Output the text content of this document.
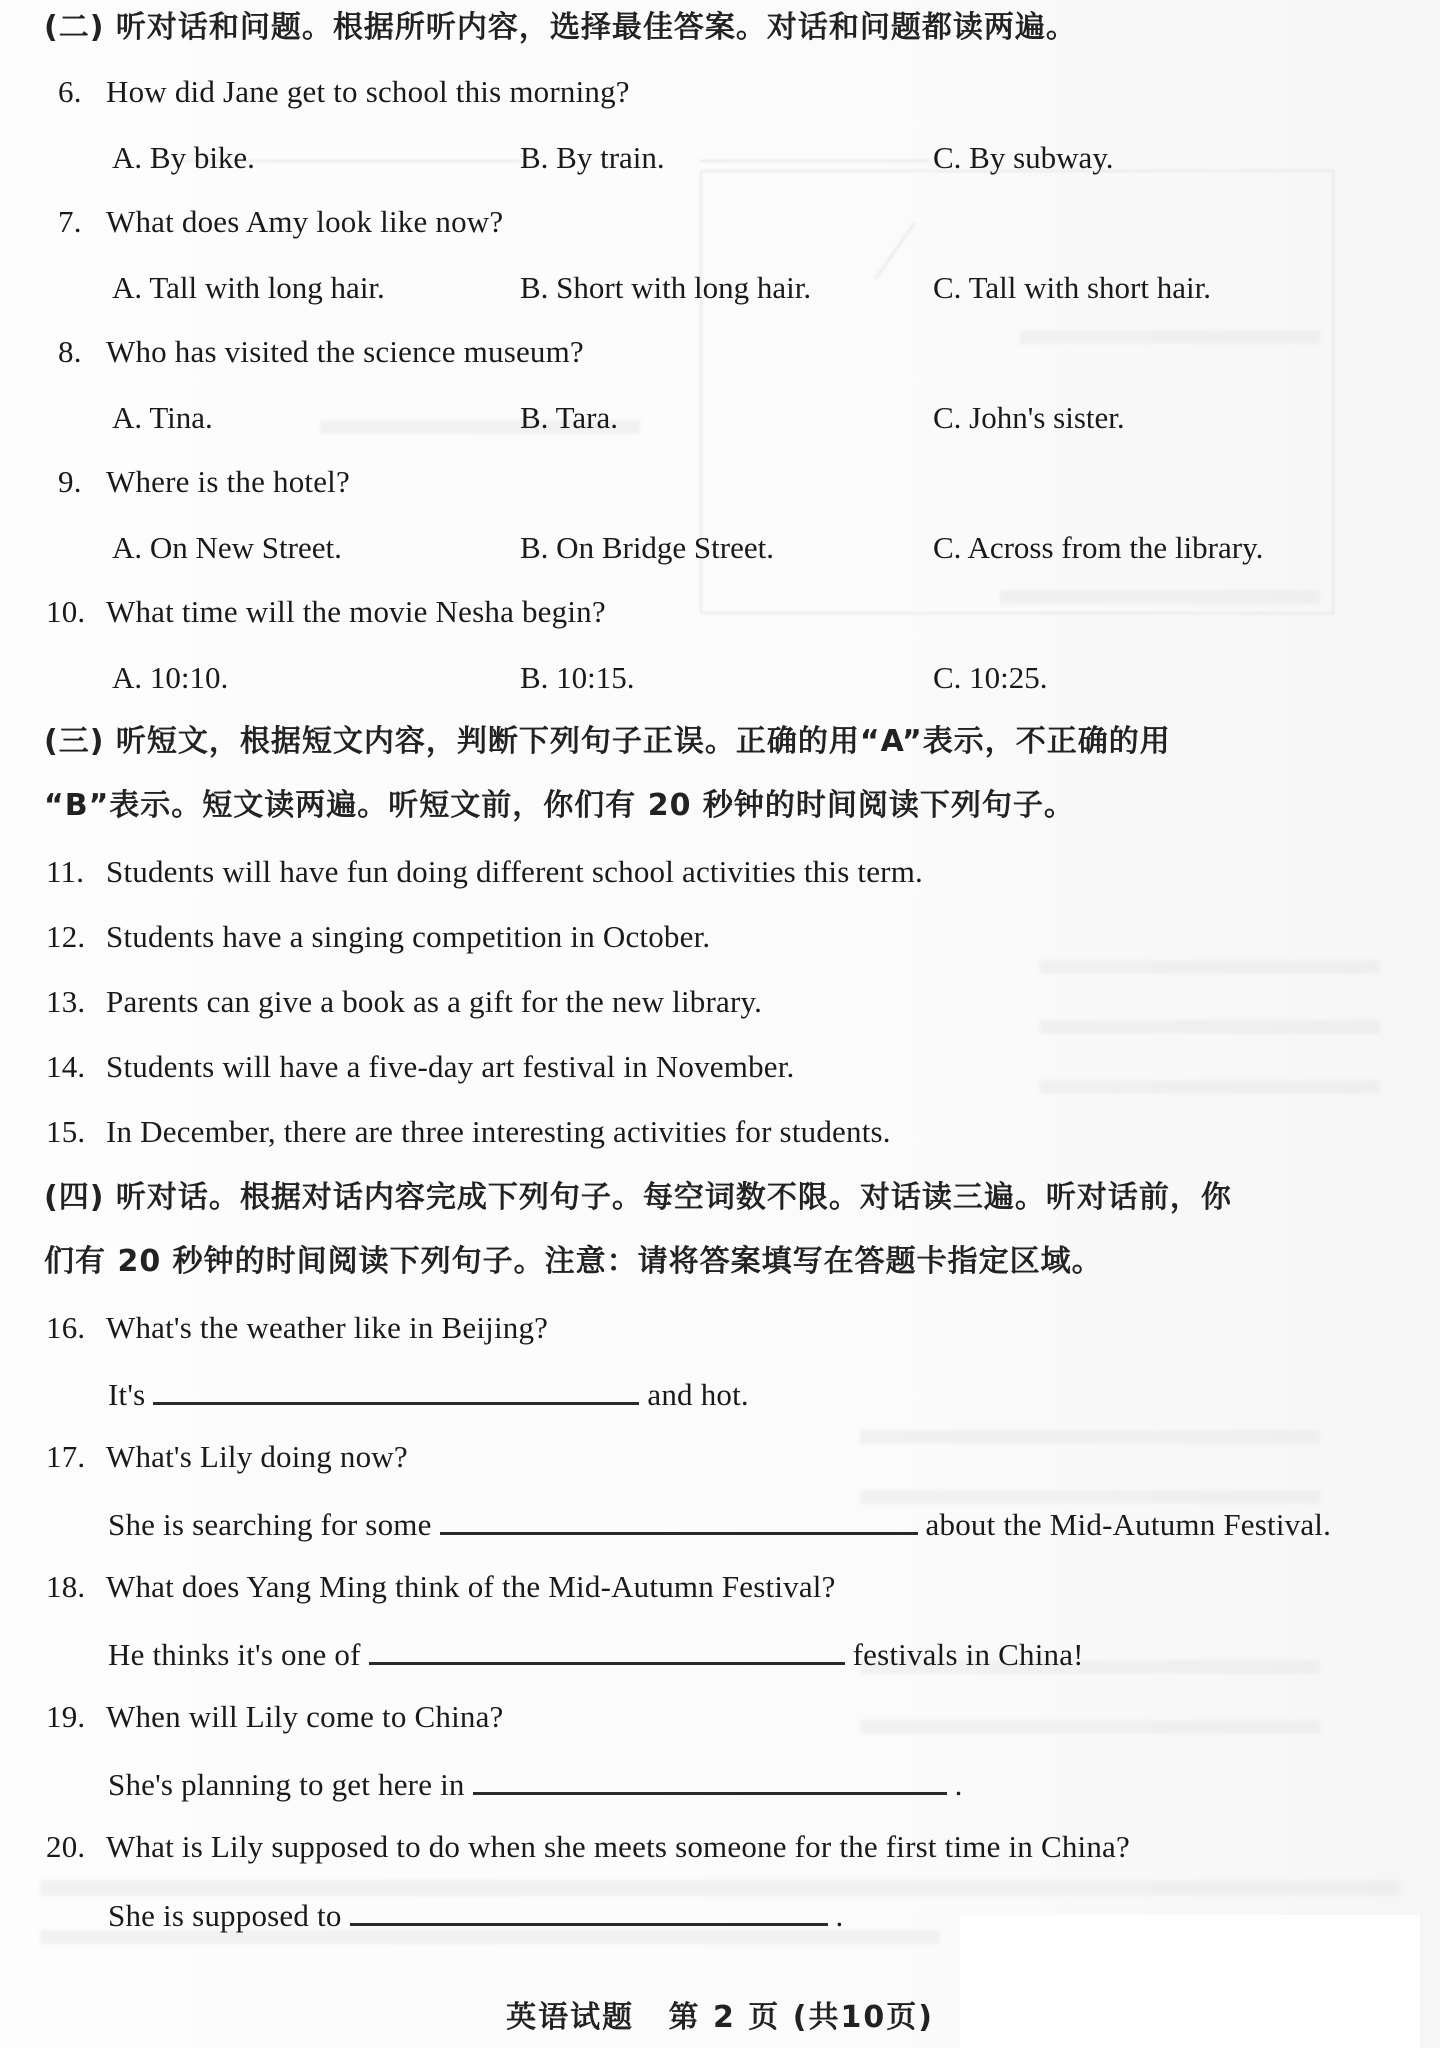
(二) 听对话和问题。根据所听内容，选择最佳答案。对话和问题都读两遍。
6. How did Jane get to school this morning?
A. By bike.	B. By train.	C. By subway.
7. What does Amy look like now?
A. Tall with long hair.	B. Short with long hair.	C. Tall with short hair.
8. Who has visited the science museum?
A. Tina.	B. Tara.	C. John's sister.
9. Where is the hotel?
A. On New Street.	B. On Bridge Street.	C. Across from the library.
10. What time will the movie Nesha begin?
A. 10:10.	B. 10:15.	C. 10:25.
(三) 听短文，根据短文内容，判断下列句子正误。正确的用“A”表示，不正确的用
“B”表示。短文读两遍。听短文前，你们有 20 秒钟的时间阅读下列句子。
11. Students will have fun doing different school activities this term.
12. Students have a singing competition in October.
13. Parents can give a book as a gift for the new library.
14. Students will have a five-day art festival in November.
15. In December, there are three interesting activities for students.
(四) 听对话。根据对话内容完成下列句子。每空词数不限。对话读三遍。听对话前，你
们有 20 秒钟的时间阅读下列句子。注意：请将答案填写在答题卡指定区域。
16. What's the weather like in Beijing?
It's	and hot.
17. What's Lily doing now?
She is searching for some	about the Mid-Autumn Festival.
18. What does Yang Ming think of the Mid-Autumn Festival?
He thinks it's one of	festivals in China!
19. When will Lily come to China?
She's planning to get here in	.
20. What is Lily supposed to do when she meets someone for the first time in China?
She is supposed to	.
英语试题 第 2 页 (共10页)
